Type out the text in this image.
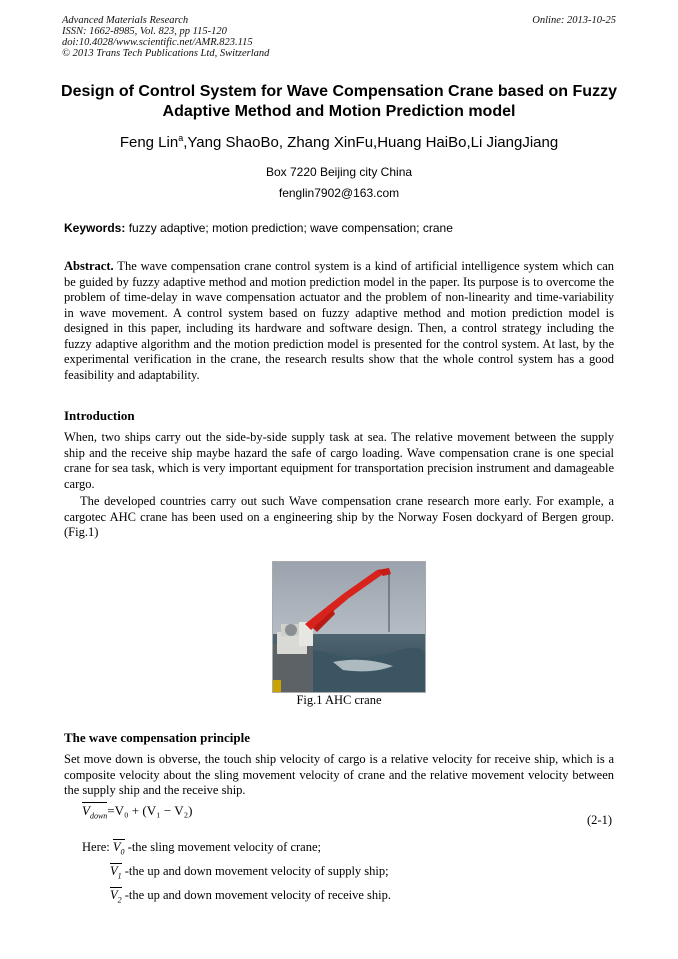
Advanced Materials Research
ISSN: 1662-8985, Vol. 823, pp 115-120
doi:10.4028/www.scientific.net/AMR.823.115
© 2013 Trans Tech Publications Ltd, Switzerland
Online: 2013-10-25
Design of Control System for Wave Compensation Crane based on Fuzzy Adaptive Method and Motion Prediction model
Feng Lin$^a$,Yang ShaoBo, Zhang XinFu,Huang HaiBo,Li JiangJiang
Box 7220 Beijing city China
fenglin7902@163.com
Keywords: fuzzy adaptive; motion prediction; wave compensation; crane
Abstract. The wave compensation crane control system is a kind of artificial intelligence system which can be guided by fuzzy adaptive method and motion prediction model in the paper. Its purpose is to overcome the problem of time-delay in wave compensation actuator and the problem of non-linearity and time-variability in wave movement. A control system based on fuzzy adaptive method and motion prediction model is designed in this paper, including its hardware and software design. Then, a control strategy including the fuzzy adaptive algorithm and the motion prediction model is presented for the control system. At last, by the experimental verification in the crane, the research results show that the whole control system has a good feasibility and adaptability.
Introduction
When, two ships carry out the side-by-side supply task at sea. The relative movement between the supply ship and the receive ship maybe hazard the safe of cargo loading. Wave compensation crane is one special crane for sea task, which is very important equipment for transportation precision instrument and damageable cargo.
The developed countries carry out such Wave compensation crane research more early. For example, a cargotec AHC crane has been used on a engineering ship by the Norway Fosen dockyard of Bergen group. (Fig.1)
Fig.1 AHC crane
The wave compensation principle
Set move down is obverse, the touch ship velocity of cargo is a relative velocity for receive ship, which is a composite velocity about the sling movement velocity of crane and the relative movement velocity between the supply ship and the receive ship.
$V_{down}=V_0 + (V_1 - V_2)$
(2-1)
Here: $V_0$ -the sling movement velocity of crane;
$V_1$ -the up and down movement velocity of supply ship;
$V_2$ -the up and down movement velocity of receive ship.
